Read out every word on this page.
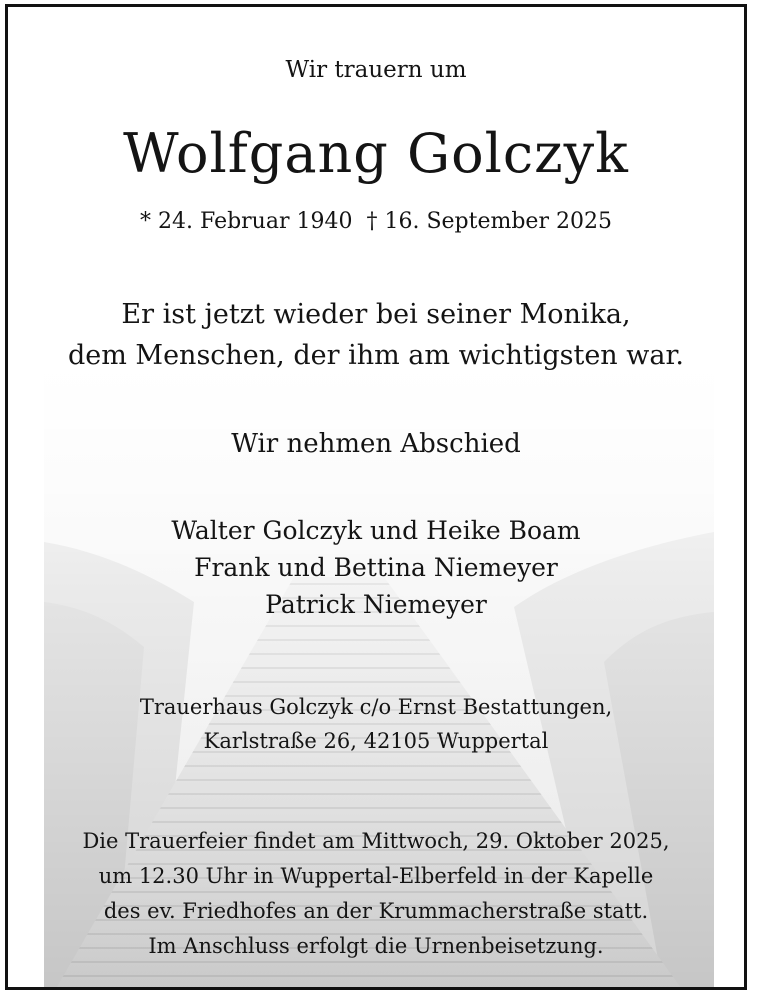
Wir trauern um
Wolfgang Golczyk
* 24. Februar 1940 † 16. September 2025
Er ist jetzt wieder bei seiner Monika,
dem Menschen, der ihm am wichtigsten war.
Wir nehmen Abschied
Walter Golczyk und Heike Boam
Frank und Bettina Niemeyer
Patrick Niemeyer
Trauerhaus Golczyk c/o Ernst Bestattungen,
Karlstraße 26, 42105 Wuppertal
Die Trauerfeier findet am Mittwoch, 29. Oktober 2025,
um 12.30 Uhr in Wuppertal-Elberfeld in der Kapelle
des ev. Friedhofes an der Krummacherstraße statt.
Im Anschluss erfolgt die Urnenbeisetzung.
